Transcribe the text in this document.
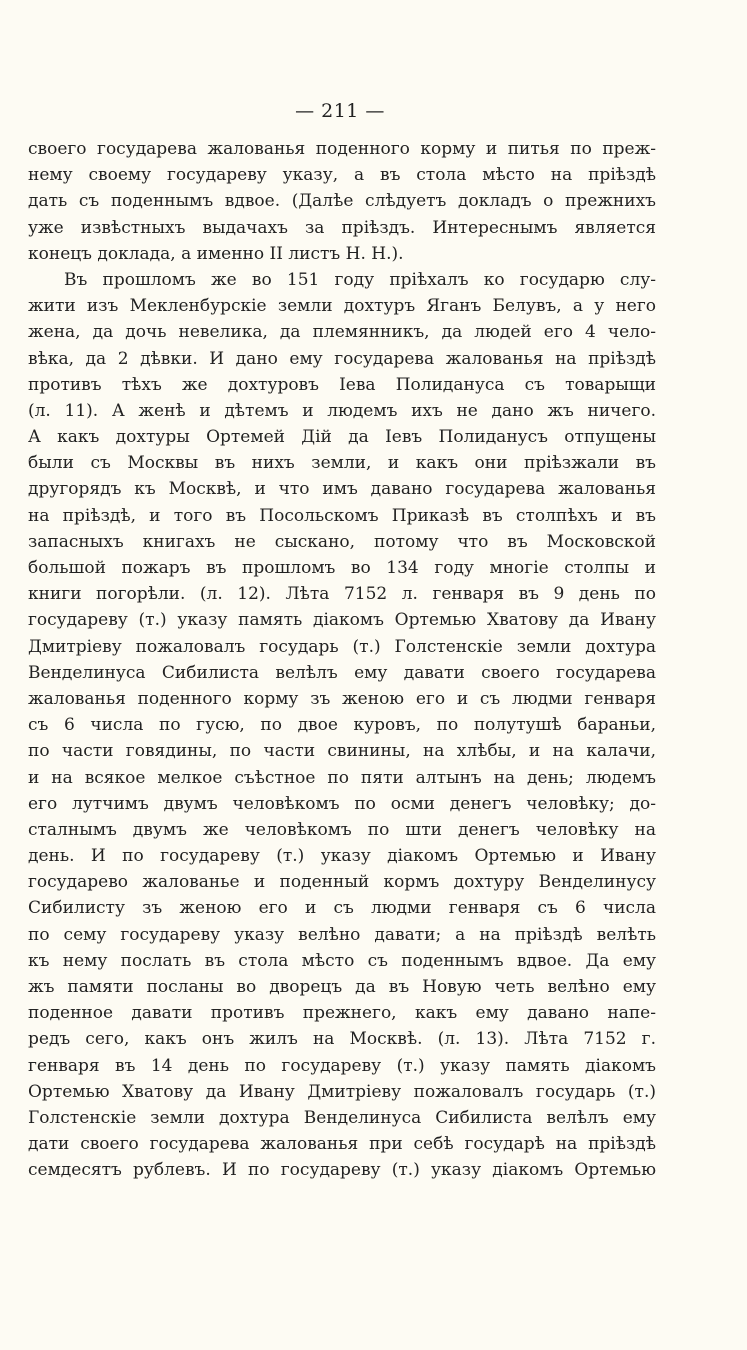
— 211 —
своего государева жалованья поденного корму и питья по преж-
нему своему государеву указу, а въ стола мѣсто на пріѣздѣ
дать съ поденнымъ вдвое. (Далѣе слѣдуетъ докладъ о прежнихъ
уже извѣстныхъ выдачахъ за пріѣздъ. Интереснымъ является
конецъ доклада, а именно II листъ Н. Н.).
Въ прошломъ же во 151 году пріѣхалъ ко государю слу-
жити изъ Мекленбурскіе земли дохтуръ Яганъ Белувъ, а у него
жена, да дочь невелика, да племянникъ, да людей его 4 чело-
вѣка, да 2 дѣвки. И дано ему государева жалованья на пріѣздѣ
противъ тѣхъ же дохтуровъ Іева Полидануса съ товарыщи
(л. 11). А женѣ и дѣтемъ и людемъ ихъ не дано жъ ничего.
А какъ дохтуры Ортемей Дій да Іевъ Полиданусъ отпущены
были съ Москвы въ нихъ земли, и какъ они пріѣзжали въ
другорядъ къ Москвѣ, и что имъ давано государева жалованья
на пріѣздѣ, и того въ Посольскомъ Приказѣ въ столпѣхъ и въ
запасныхъ книгахъ не сыскано, потому что въ Московской
большой пожаръ въ прошломъ во 134 году многіе столпы и
книги погорѣли. (л. 12). Лѣта 7152 л. генваря въ 9 день по
государеву (т.) указу память діакомъ Ортемью Хватову да Ивану
Дмитріеву пожаловалъ государь (т.) Голстенскіе земли дохтура
Венделинуса Сибилиста велѣлъ ему давати своего государева
жалованья поденного корму зъ женою его и съ людми генваря
съ 6 числа по гусю, по двое куровъ, по полутушѣ бараньи,
по части говядины, по части свинины, на хлѣбы, и на калачи,
и на всякое мелкое съѣстное по пяти алтынъ на день; людемъ
его лутчимъ двумъ человѣкомъ по осми денегъ человѣку; до-
сталнымъ двумъ же человѣкомъ по шти денегъ человѣку на
день. И по государеву (т.) указу діакомъ Ортемью и Ивану
государево жалованье и поденный кормъ дохтуру Венделинусу
Сибилисту зъ женою его и съ людми генваря съ 6 числа
по сему государеву указу велѣно давати; а на пріѣздѣ велѣть
къ нему послать въ стола мѣсто съ поденнымъ вдвое. Да ему
жъ памяти посланы во дворецъ да въ Новую четь велѣно ему
поденное давати противъ прежнего, какъ ему давано напе-
редъ сего, какъ онъ жилъ на Москвѣ. (л. 13). Лѣта 7152 г.
генваря въ 14 день по государеву (т.) указу память діакомъ
Ортемью Хватову да Ивану Дмитріеву пожаловалъ государь (т.)
Голстенскіе земли дохтура Венделинуса Сибилиста велѣлъ ему
дати своего государева жалованья при себѣ государѣ на пріѣздѣ
семдесятъ рублевъ. И по государеву (т.) указу діакомъ Ортемью
